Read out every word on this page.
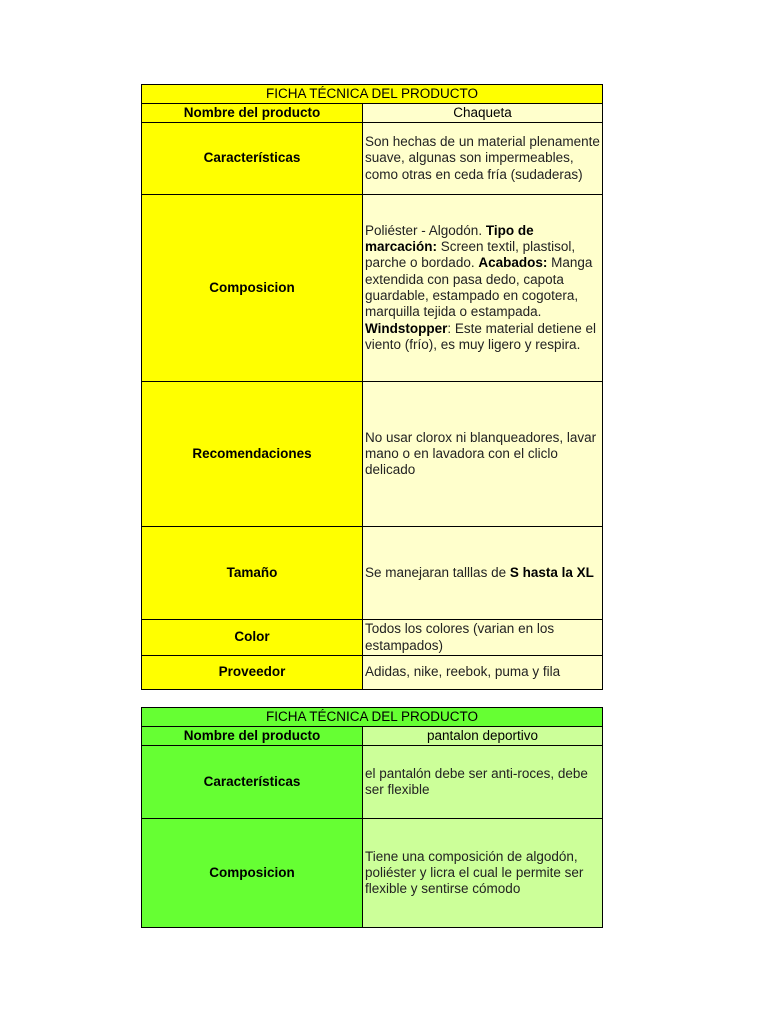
FICHA TÉCNICA DEL PRODUCTO	
Nombre del producto	Chaqueta
Características	Son hechas de un material plenamente suave, algunas son impermeables, como otras en ceda fría (sudaderas)
Composicion	Poliéster - Algodón. Tipo de marcación: Screen textil, plastisol, parche o bordado. Acabados: Manga extendida con pasa dedo, capota guardable, estampado en cogotera, marquilla tejida o estampada. Windstopper: Este material detiene el viento (frío), es muy ligero y respira.
Recomendaciones	No usar clorox ni blanqueadores, lavar mano o en lavadora con el cliclo delicado
Tamaño	Se manejaran talllas de S hasta la XL
Color	Todos los colores (varian en los estampados)
Proveedor	Adidas, nike, reebok, puma y fila
FICHA TÉCNICA DEL PRODUCTO	
Nombre del producto	pantalon deportivo
Características	el pantalón debe ser anti-roces, debe ser flexible
Composicion	Tiene una composición de algodón, poliéster y licra el cual le permite ser flexible y sentirse cómodo
